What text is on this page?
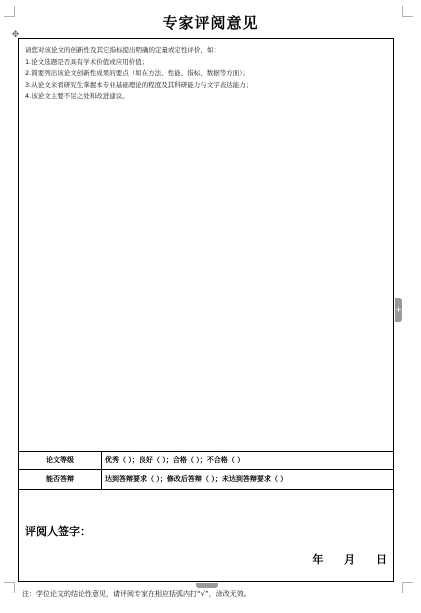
专家评阅意见
✥
请您对该论文的创新性及其它指标提出明确的定量或定性评价，如：
1.论文选题是否具有学术价值或应用价值；
2.简要列出该论文创新性成果的要点（如在方法、性能、指标、数据等方面）；
3.从论文来看研究生掌握本专业基础理论的程度及其科研能力与文字表达能力；
4.该论文主要不足之处和改进建议。
论文等级	优秀（ ）；良好（ ）；合格（ ）；不合格（ ）
能否答辩	达到答辩要求（ ）；修改后答辩（ ）；未达到答辩要求（ ）
评阅人签字：
年 月 日
+
注：学位论文的结论性意见，请评阅专家在相应括弧内打“√”，涂改无效。
